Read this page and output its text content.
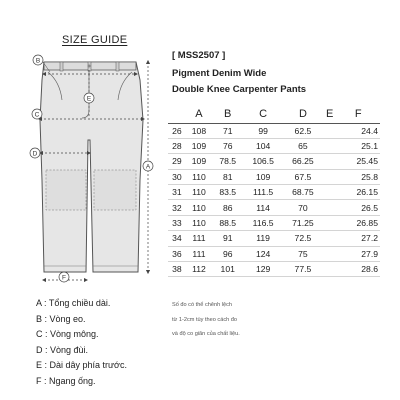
SIZE GUIDE
B
E
C
D
A
F
[ MSS2507 ]
Pigment Denim Wide
Double Knee Carpenter Pants
	A	B	C	D	E	F
26	108	71	99	62.5		24.4
28	109	76	104	65		25.1
29	109	78.5	106.5	66.25		25.45
30	110	81	109	67.5		25.8
31	110	83.5	111.5	68.75		26.15
32	110	86	114	70		26.5
33	110	88.5	116.5	71.25		26.85
34	111	91	119	72.5		27.2
36	111	96	124	75		27.9
38	112	101	129	77.5		28.6
A : Tổng chiều dài.
B : Vòng eo.
C : Vòng mông.
D : Vòng đùi.
E : Dài dây phía trước.
F : Ngang ống.
Số đo có thể chênh lệch
từ 1-2cm tùy theo cách đo
và độ co giãn của chất liệu.
